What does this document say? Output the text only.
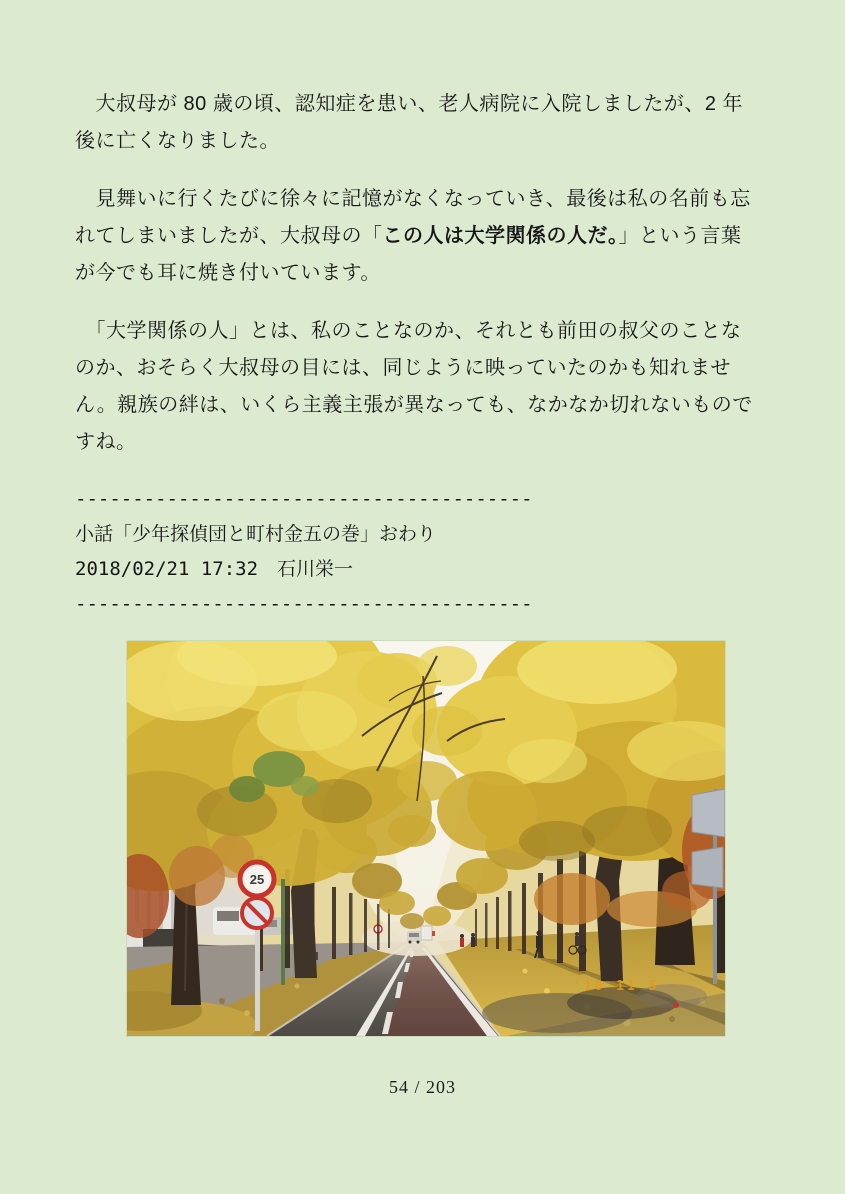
　大叔母が 80 歳の頃、認知症を患い、老人病院に入院しましたが、2 年後に亡くなりました。

　見舞いに行くたびに徐々に記憶がなくなっていき、最後は私の名前も忘れてしまいましたが、大叔母の「この人は大学関係の人だ。」という言葉が今でも耳に焼き付いています。

　「大学関係の人」とは、私のことなのか、それとも前田の叔父のことなのか、おそらく大叔母の目には、同じように映っていたのかも知れません。親族の絆は、いくら主義主張が異なっても、なかなか切れないものですね。

----------------------------------------
小話「少年探偵団と町村金五の巻」おわり
2018/02/21 17:32　石川栄一
----------------------------------------
25
'10 11 5
54 / 203
